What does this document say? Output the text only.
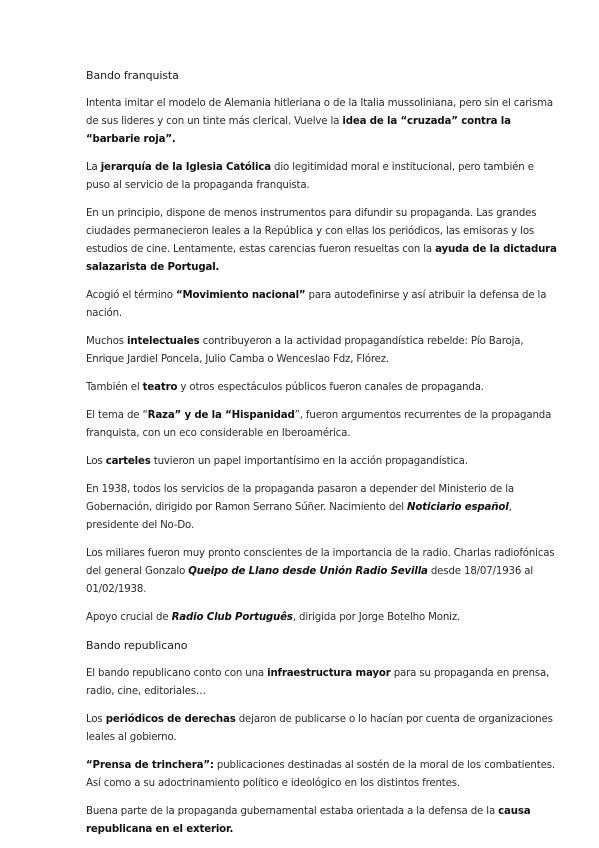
Bando franquista

Intenta imitar el modelo de Alemania hitleriana o de la Italia mussoliniana, pero sin el carisma de sus lideres y con un tinte más clerical. Vuelve la idea de la “cruzada” contra la “barbarie roja”.

La jerarquía de la Iglesia Católica dio legitimidad moral e institucional, pero también e puso al servicio de la propaganda franquista.

En un principio, dispone de menos instrumentos para difundir su propaganda. Las grandes ciudades permanecieron leales a la República y con ellas los periódicos, las emisoras y los estudios de cine. Lentamente, estas carencias fueron resueltas con la ayuda de la dictadura salazarista de Portugal.

Acogió el término “Movimiento nacional” para autodefinirse y así atribuir la defensa de la nación.

Muchos intelectuales contribuyeron a la actividad propagandística rebelde: Pío Baroja, Enrique Jardiel Poncela, Julio Camba o Wenceslao Fdz, Flórez.

También el teatro y otros espectáculos públicos fueron canales de propaganda.

El tema de “Raza” y de la “Hispanidad”, fueron argumentos recurrentes de la propaganda franquista, con un eco considerable en Iberoamérica.

Los carteles tuvieron un papel importantísimo en la acción propagandística.

En 1938, todos los servicios de la propaganda pasaron a depender del Ministerio de la Gobernación, dirigido por Ramon Serrano Súñer. Nacimiento del Noticiario español, presidente del No-Do.

Los miliares fueron muy pronto conscientes de la importancia de la radio. Charlas radiofónicas del general Gonzalo Queipo de Llano desde Unión Radio Sevilla desde 18/07/1936 al 01/02/1938.

Apoyo crucial de Radio Club Português, dirigida por Jorge Botelho Moniz.

Bando republicano

El bando republicano conto con una infraestructura mayor para su propaganda en prensa, radio, cine, editoriales…

Los periódicos de derechas dejaron de publicarse o lo hacían por cuenta de organizaciones leales al gobierno.

“Prensa de trinchera”: publicaciones destinadas al sostén de la moral de los combatientes. Así como a su adoctrinamiento político e ideológico en los distintos frentes.

Buena parte de la propaganda gubernamental estaba orientada a la defensa de la causa republicana en el exterior.
